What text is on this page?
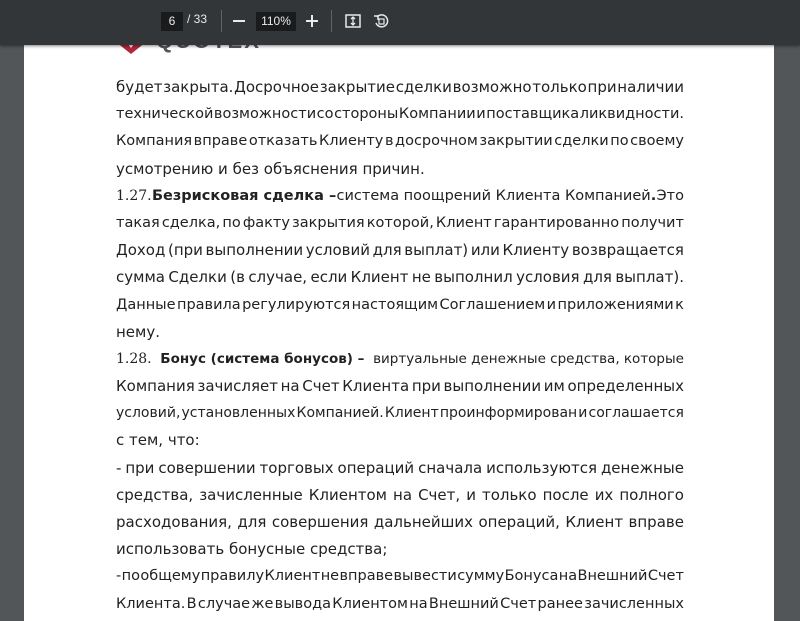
6 / 33	110%
будет закрыта. Досрочное закрытие сделки возможно только при наличии
технической возможности со стороны Компании и поставщика ликвидности.
Компания вправе отказать Клиенту в досрочном закрытии сделки по своему
усмотрению и без объяснения причин.
1.27. Безрисковая сделка – система поощрений Клиента Компанией. Это
такая сделка, по факту закрытия которой, Клиент гарантированно получит
Доход (при выполнении условий для выплат) или Клиенту возвращается
сумма Сделки (в случае, если Клиент не выполнил условия для выплат).
Данные правила регулируются настоящим Соглашением и приложениями к
нему.
1.28. Бонус (система бонусов) – виртуальные денежные средства, которые
Компания зачисляет на Счет Клиента при выполнении им определенных
условий, установленных Компанией. Клиент проинформирован и соглашается
с тем, что:
- при совершении торговых операций сначала используются денежные
средства, зачисленные Клиентом на Счет, и только после их полного
расходования, для совершения дальнейших операций, Клиент вправе
использовать бонусные средства;
- по общему правилу Клиент не вправе вывести сумму Бонуса на Внешний Счет
Клиента. В случае же вывода Клиентом на Внешний Счет ранее зачисленных
